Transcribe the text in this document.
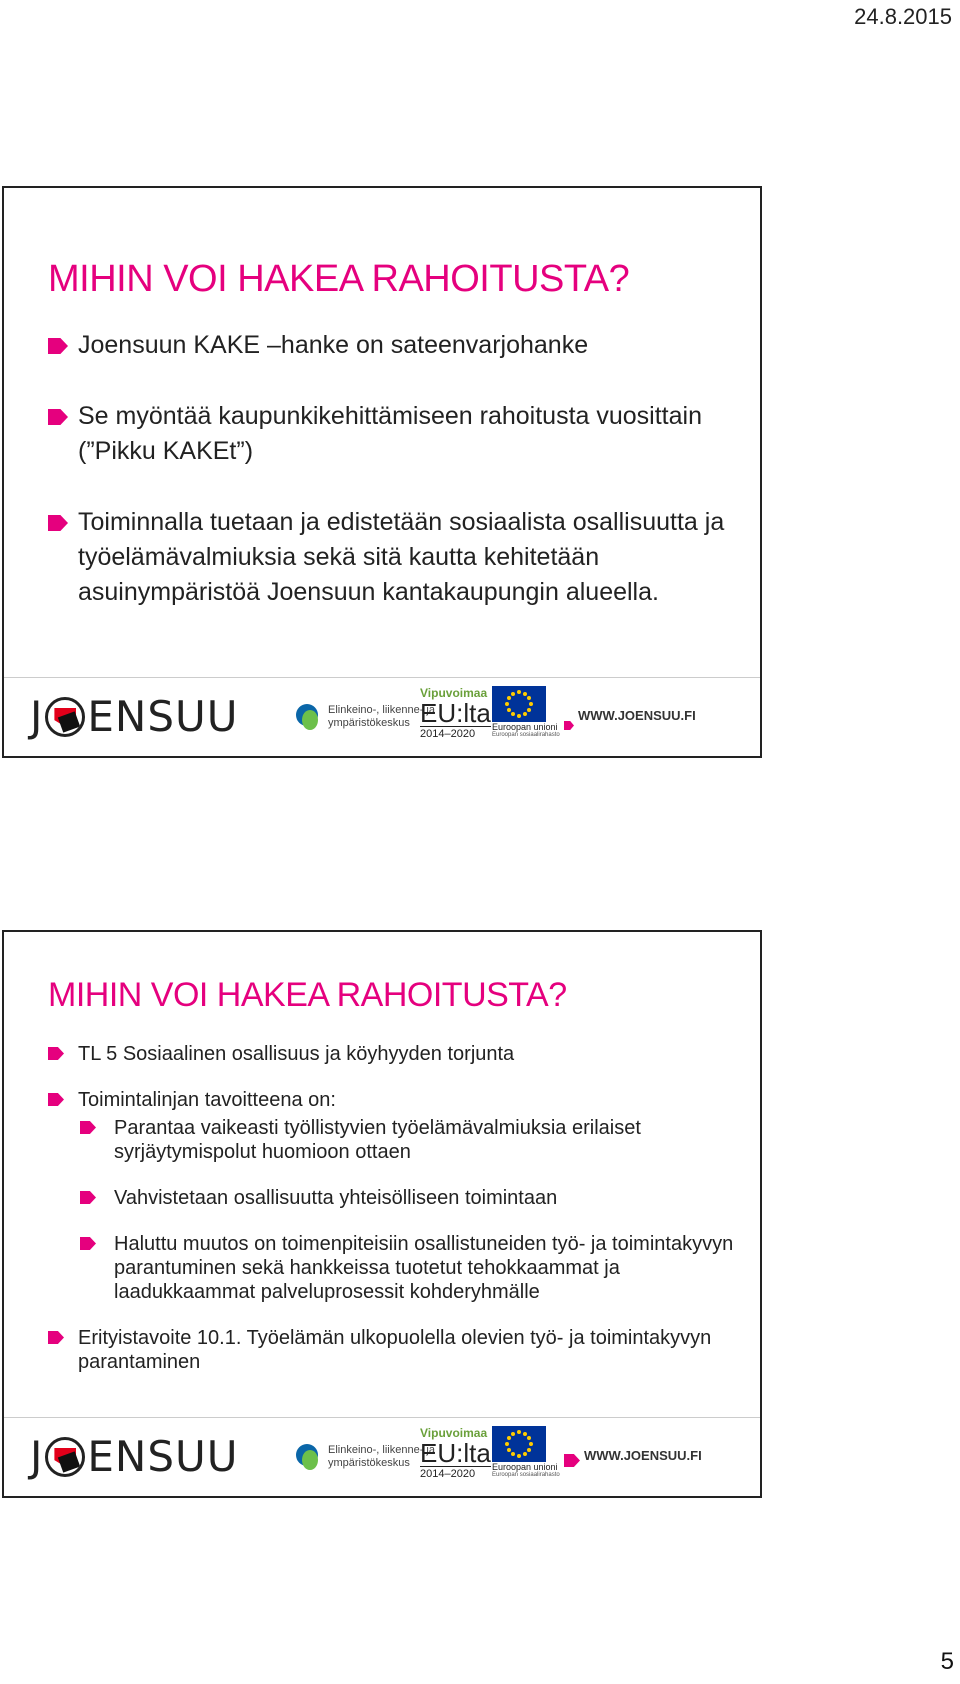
24.8.2015
MIHIN VOI HAKEA RAHOITUSTA?
Joensuun KAKE –hanke on sateenvarjohanke
Se myöntää kaupunkikehittämiseen rahoitusta vuosittain (”Pikku KAKEt”)
Toiminnalla tuetaan ja edistetään sosiaalista osallisuutta ja työelämävalmiuksia sekä sitä kautta kehitetään asuinympäristöä Joensuun kantakaupungin alueella.
J ENSUU	Elinkeino-, liikenne- ja
ympäristökeskus
Vipuvoimaa
EU:lta
2014–2020
Euroopan unioni
Euroopan sosiaalirahasto
WWW.JOENSUU.FI
MIHIN VOI HAKEA RAHOITUSTA?
TL 5 Sosiaalinen osallisuus ja köyhyyden torjunta
Toimintalinjan tavoitteena on:
Parantaa vaikeasti työllistyvien työelämävalmiuksia erilaiset syrjäytymispolut huomioon ottaen
Vahvistetaan osallisuutta yhteisölliseen toimintaan
Haluttu muutos on toimenpiteisiin osallistuneiden työ- ja toimintakyvyn parantuminen sekä hankkeissa tuotetut tehokkaammat ja laadukkaammat palveluprosessit kohderyhmälle
Erityistavoite 10.1. Työelämän ulkopuolella olevien työ- ja toimintakyvyn parantaminen
J ENSUU	Elinkeino-, liikenne- ja
ympäristökeskus
Vipuvoimaa
EU:lta
2014–2020
Euroopan unioni
Euroopan sosiaalirahasto
WWW.JOENSUU.FI
5
